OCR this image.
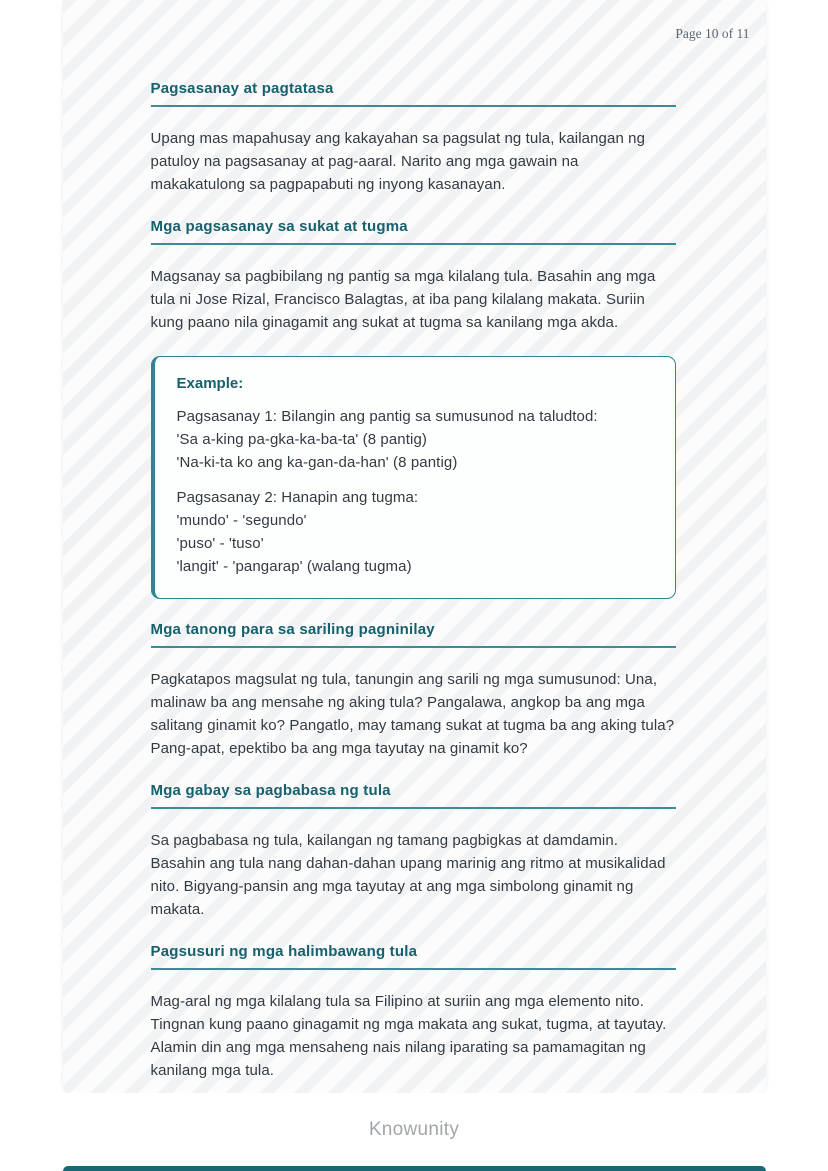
Page 10 of 11
Pagsasanay at pagtatasa
Upang mas mapahusay ang kakayahan sa pagsulat ng tula, kailangan ng patuloy na pagsasanay at pag-aaral. Narito ang mga gawain na makakatulong sa pagpapabuti ng inyong kasanayan.
Mga pagsasanay sa sukat at tugma
Magsanay sa pagbibilang ng pantig sa mga kilalang tula. Basahin ang mga tula ni Jose Rizal, Francisco Balagtas, at iba pang kilalang makata. Suriin kung paano nila ginagamit ang sukat at tugma sa kanilang mga akda.
Example:
Pagsasanay 1: Bilangin ang pantig sa sumusunod na taludtod:
'Sa a-king pa-gka-ka-ba-ta' (8 pantig)
'Na-ki-ta ko ang ka-gan-da-han' (8 pantig)
Pagsasanay 2: Hanapin ang tugma:
'mundo' - 'segundo'
'puso' - 'tuso'
'langit' - 'pangarap' (walang tugma)
Mga tanong para sa sariling pagninilay
Pagkatapos magsulat ng tula, tanungin ang sarili ng mga sumusunod: Una, malinaw ba ang mensahe ng aking tula? Pangalawa, angkop ba ang mga salitang ginamit ko? Pangatlo, may tamang sukat at tugma ba ang aking tula? Pang-apat, epektibo ba ang mga tayutay na ginamit ko?
Mga gabay sa pagbabasa ng tula
Sa pagbabasa ng tula, kailangan ng tamang pagbigkas at damdamin. Basahin ang tula nang dahan-dahan upang marinig ang ritmo at musikalidad nito. Bigyang-pansin ang mga tayutay at ang mga simbolong ginamit ng makata.
Pagsusuri ng mga halimbawang tula
Mag-aral ng mga kilalang tula sa Filipino at suriin ang mga elemento nito. Tingnan kung paano ginagamit ng mga makata ang sukat, tugma, at tayutay. Alamin din ang mga mensaheng nais nilang iparating sa pamamagitan ng kanilang mga tula.
Knowunity
